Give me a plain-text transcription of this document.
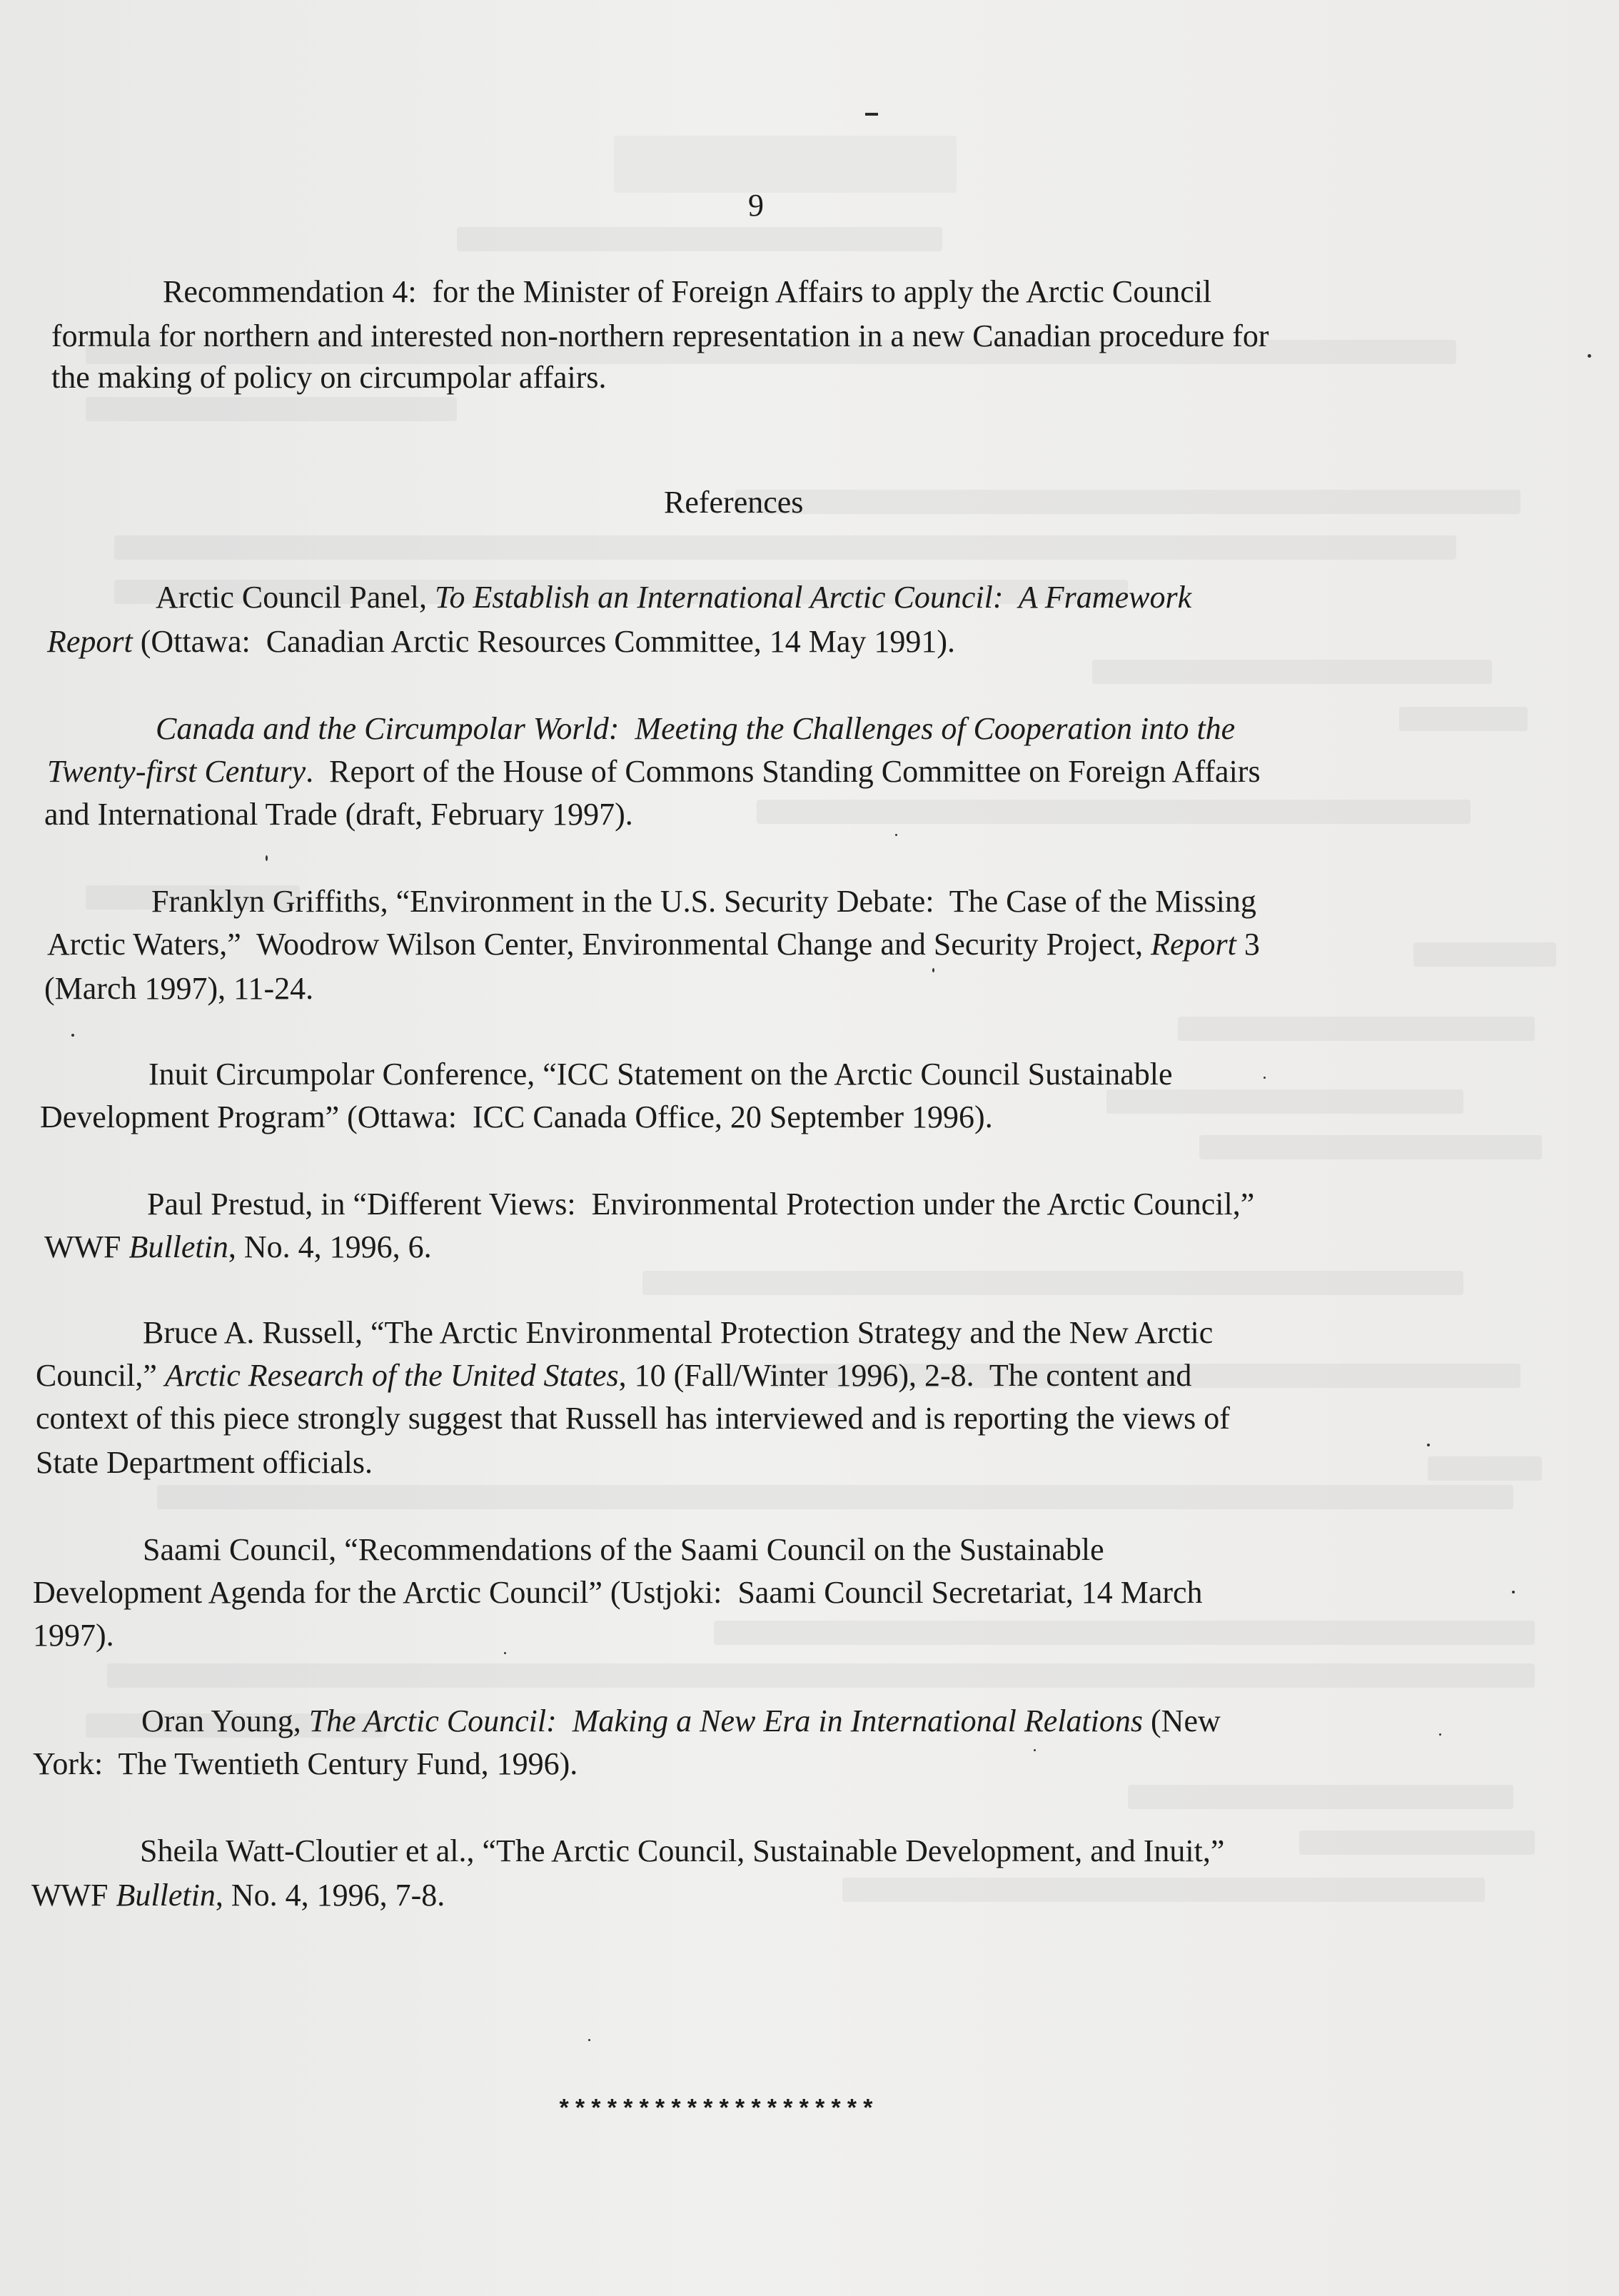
9
Recommendation 4:  for the Minister of Foreign Affairs to apply the Arctic Council
formula for northern and interested non-northern representation in a new Canadian procedure for
the making of policy on circumpolar affairs.
References
Arctic Council Panel, To Establish an International Arctic Council:  A Framework
Report (Ottawa:  Canadian Arctic Resources Committee, 14 May 1991).
Canada and the Circumpolar World:  Meeting the Challenges of Cooperation into the
Twenty-first Century.  Report of the House of Commons Standing Committee on Foreign Affairs
and International Trade (draft, February 1997).
Franklyn Griffiths, “Environment in the U.S. Security Debate:  The Case of the Missing
Arctic Waters,”  Woodrow Wilson Center, Environmental Change and Security Project, Report 3
(March 1997), 11-24.
Inuit Circumpolar Conference, “ICC Statement on the Arctic Council Sustainable
Development Program” (Ottawa:  ICC Canada Office, 20 September 1996).
Paul Prestud, in “Different Views:  Environmental Protection under the Arctic Council,”
WWF Bulletin, No. 4, 1996, 6.
Bruce A. Russell, “The Arctic Environmental Protection Strategy and the New Arctic
Council,” Arctic Research of the United States, 10 (Fall/Winter 1996), 2-8.  The content and
context of this piece strongly suggest that Russell has interviewed and is reporting the views of
State Department officials.
Saami Council, “Recommendations of the Saami Council on the Sustainable
Development Agenda for the Arctic Council” (Ustjoki:  Saami Council Secretariat, 14 March
1997).
Oran Young, The Arctic Council:  Making a New Era in International Relations (New
York:  The Twentieth Century Fund, 1996).
Sheila Watt-Cloutier et al., “The Arctic Council, Sustainable Development, and Inuit,”
WWF Bulletin, No. 4, 1996, 7-8.
********************
